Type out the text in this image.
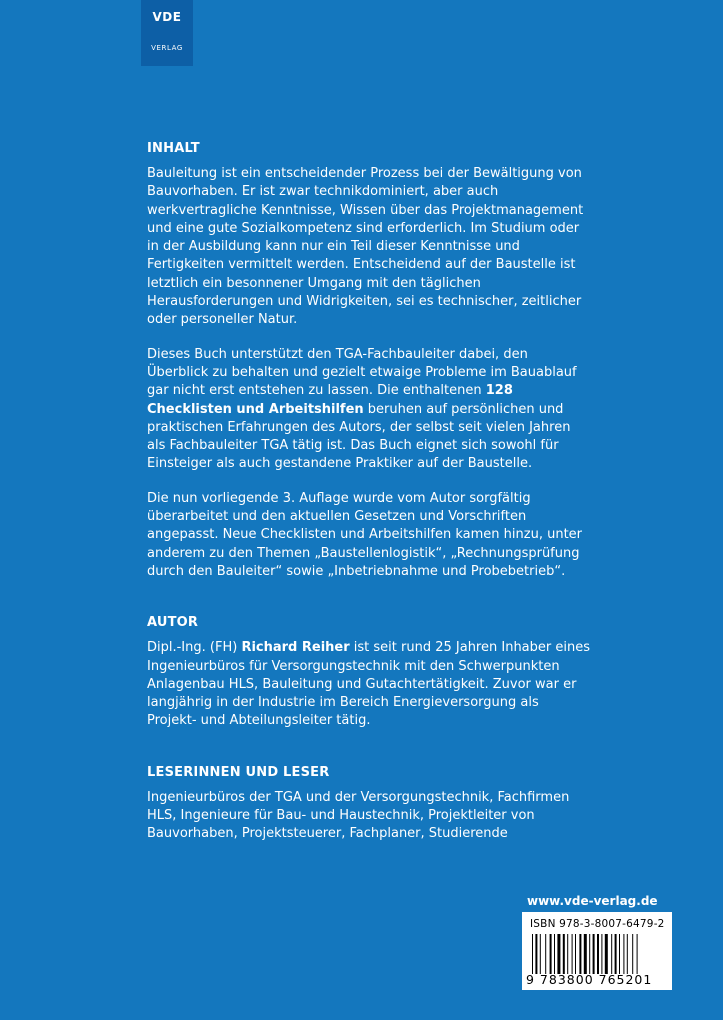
VDE
VERLAG
INHALT

Bauleitung ist ein entscheidender Prozess bei der Bewältigung von Bauvorhaben. Er ist zwar technikdominiert, aber auch werkvertragliche Kenntnisse, Wissen über das Projektmanagement und eine gute Sozialkompetenz sind erforderlich. Im Studium oder in der Ausbildung kann nur ein Teil dieser Kenntnisse und Fertigkeiten vermittelt werden. Entscheidend auf der Baustelle ist letztlich ein besonnener Umgang mit den täglichen Herausforderungen und Widrigkeiten, sei es technischer, zeitlicher oder personeller Natur.

Dieses Buch unterstützt den TGA-Fachbauleiter dabei, den Überblick zu behalten und gezielt etwaige Probleme im Bauablauf gar nicht erst entstehen zu lassen. Die enthaltenen 128 Checklisten und Arbeitshilfen beruhen auf persönlichen und praktischen Erfahrungen des Autors, der selbst seit vielen Jahren als Fachbauleiter TGA tätig ist. Das Buch eignet sich sowohl für Einsteiger als auch gestandene Praktiker auf der Baustelle.

Die nun vorliegende 3. Auflage wurde vom Autor sorgfältig überarbeitet und den aktuellen Gesetzen und Vorschriften angepasst. Neue Checklisten und Arbeitshilfen kamen hinzu, unter anderem zu den Themen „Baustellenlogistik“, „Rechnungsprüfung durch den Bauleiter“ sowie „Inbetriebnahme und Probebetrieb“.

AUTOR

Dipl.-Ing. (FH) Richard Reiher ist seit rund 25 Jahren Inhaber eines Ingenieurbüros für Versorgungstechnik mit den Schwerpunkten Anlagenbau HLS, Bauleitung und Gutachtertätigkeit. Zuvor war er langjährig in der Industrie im Bereich Energieversorgung als Projekt- und Abteilungsleiter tätig.

LESERINNEN UND LESER

Ingenieurbüros der TGA und der Versorgungstechnik, Fachfirmen HLS, Ingenieure für Bau- und Haustechnik, Projektleiter von Bauvorhaben, Projektsteuerer, Fachplaner, Studierende

www.vde-verlag.de
ISBN 978-3-8007-6479-2
9 783800 765201
